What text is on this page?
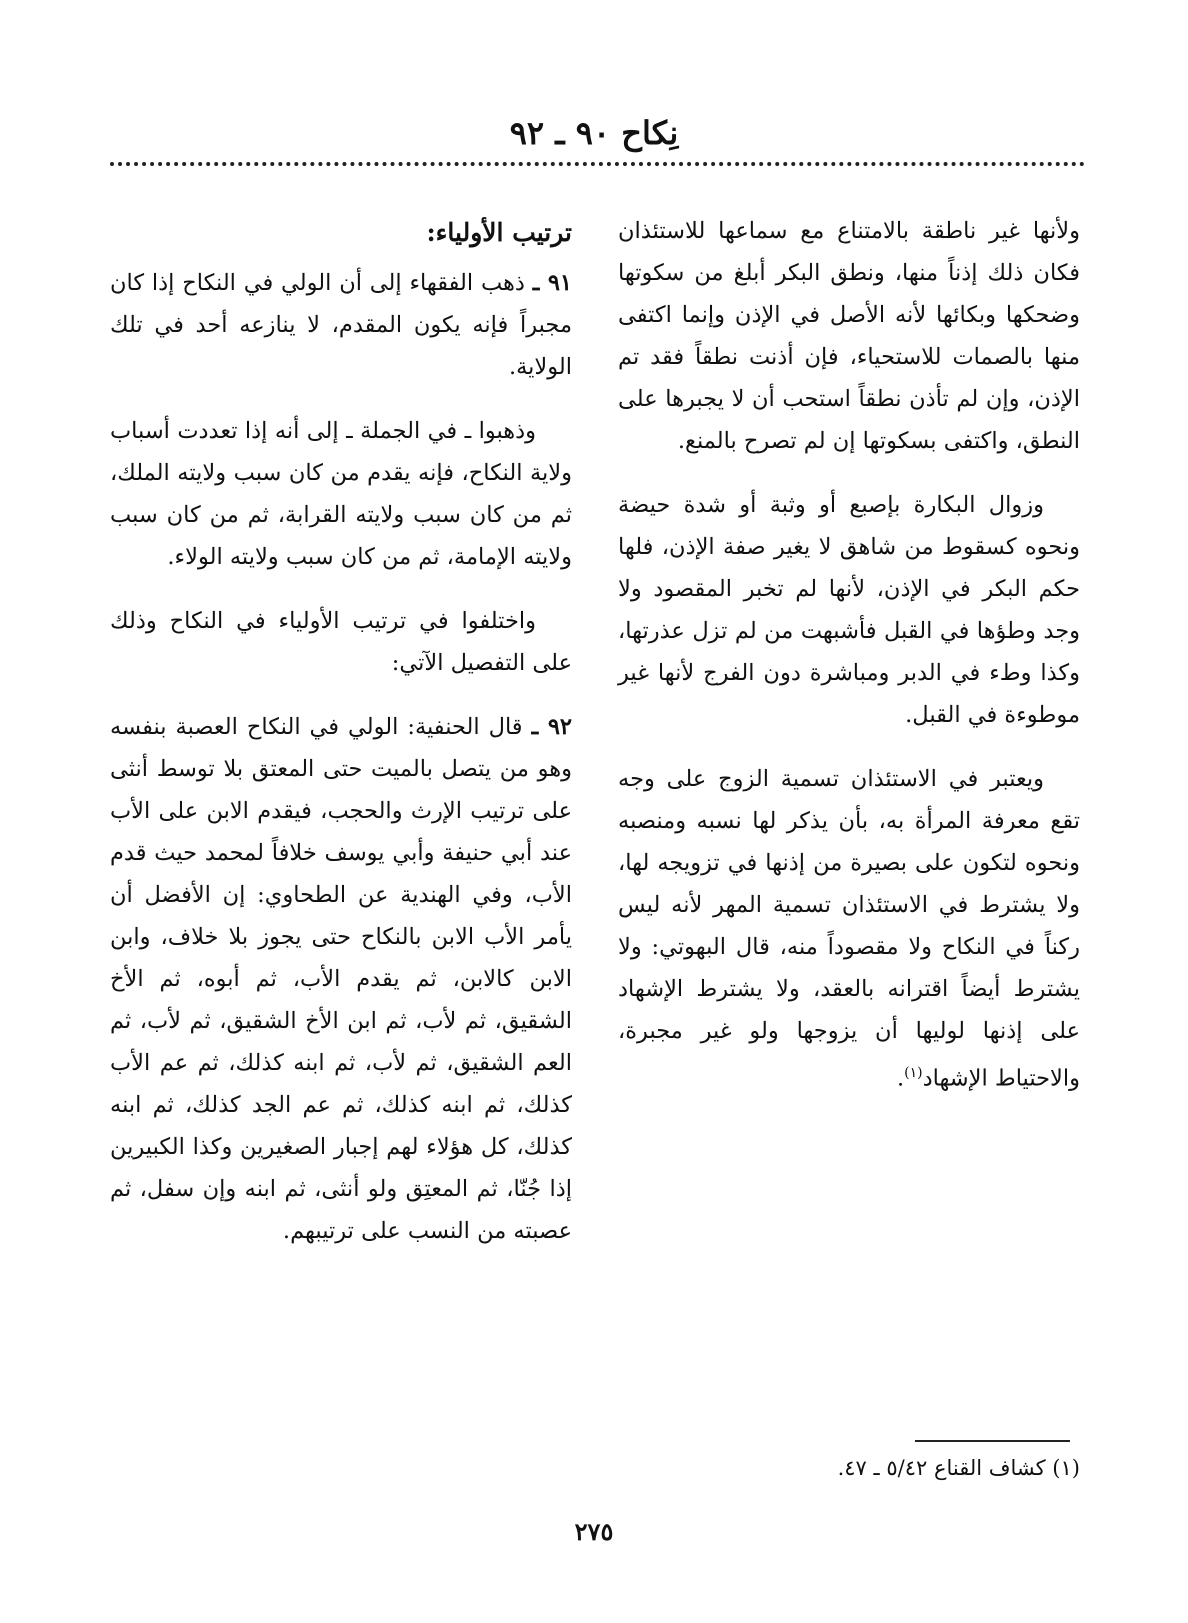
نِكاح ٩٠ ـ ٩٢

ولأنها غير ناطقة بالامتناع مع سماعها للاستئذان فكان ذلك إذناً منها، ونطق البكر أبلغ من سكوتها وضحكها وبكائها لأنه الأصل في الإذن وإنما اكتفى منها بالصمات للاستحياء، فإن أذنت نطقاً فقد تم الإذن، وإن لم تأذن نطقاً استحب أن لا يجبرها على النطق، واكتفى بسكوتها إن لم تصرح بالمنع.

وزوال البكارة بإصبع أو وثبة أو شدة حيضة ونحوه كسقوط من شاهق لا يغير صفة الإذن، فلها حكم البكر في الإذن، لأنها لم تخبر المقصود ولا وجد وطؤها في القبل فأشبهت من لم تزل عذرتها، وكذا وطء في الدبر ومباشرة دون الفرج لأنها غير موطوءة في القبل.

ويعتبر في الاستئذان تسمية الزوج على وجه تقع معرفة المرأة به، بأن يذكر لها نسبه ومنصبه ونحوه لتكون على بصيرة من إذنها في تزويجه لها، ولا يشترط في الاستئذان تسمية المهر لأنه ليس ركناً في النكاح ولا مقصوداً منه، قال البهوتي: ولا يشترط أيضاً اقترانه بالعقد، ولا يشترط الإشهاد على إذنها لوليها أن يزوجها ولو غير مجبرة، والاحتياط الإشهاد$^{(١)}$.

ترتيب الأولياء:

٩١ ـ ذهب الفقهاء إلى أن الولي في النكاح إذا كان مجبراً فإنه يكون المقدم، لا ينازعه أحد في تلك الولاية.

وذهبوا ـ في الجملة ـ إلى أنه إذا تعددت أسباب ولاية النكاح، فإنه يقدم من كان سبب ولايته الملك، ثم من كان سبب ولايته القرابة، ثم من كان سبب ولايته الإمامة، ثم من كان سبب ولايته الولاء.

واختلفوا في ترتيب الأولياء في النكاح وذلك على التفصيل الآتي:

٩٢ ـ قال الحنفية: الولي في النكاح العصبة بنفسه وهو من يتصل بالميت حتى المعتق بلا توسط أنثى على ترتيب الإرث والحجب، فيقدم الابن على الأب عند أبي حنيفة وأبي يوسف خلافاً لمحمد حيث قدم الأب، وفي الهندية عن الطحاوي: إن الأفضل أن يأمر الأب الابن بالنكاح حتى يجوز بلا خلاف، وابن الابن كالابن، ثم يقدم الأب، ثم أبوه، ثم الأخ الشقيق، ثم لأب، ثم ابن الأخ الشقيق، ثم لأب، ثم العم الشقيق، ثم لأب، ثم ابنه كذلك، ثم عم الأب كذلك، ثم ابنه كذلك، ثم عم الجد كذلك، ثم ابنه كذلك، كل هؤلاء لهم إجبار الصغيرين وكذا الكبيرين إذا جُنّا، ثم المعتِق ولو أنثى، ثم ابنه وإن سفل، ثم عصبته من النسب على ترتيبهم.

(١) كشاف القناع ٥/٤٢ ـ ٤٧.
٢٧٥
